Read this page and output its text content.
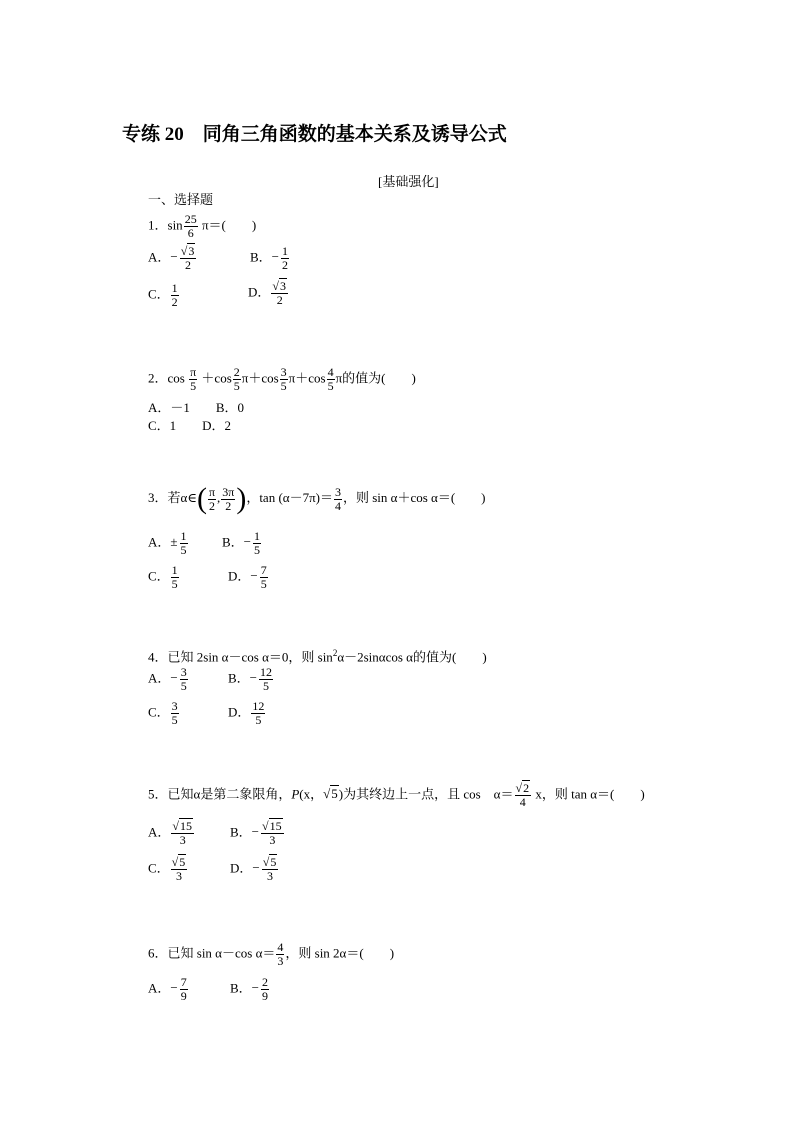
专练 20　同角三角函数的基本关系及诱导公式
[基础强化]
一、选择题
1．$\sin \frac{25}{6} \pi=$(　　)
A．− $\frac{√3}{2}$	B．− $\frac{1}{2}$
C． $\frac{1}{2}$	D． $\frac{√3}{2}$
2．$\cos \frac{\pi}{5} +\cos \frac{2}{5} \pi+\cos \frac{3}{5} \pi+\cos \frac{4}{5}$ π的值为(　　)
A．－1　　B．0
C．1　　D．2
3．若α∈( $\frac{\pi}{2}$ , $\frac{3\pi}{2}$ )，$\tan (\alpha-7\pi)= \frac{3}{4}$ ，则 sin α＋cos α＝(　　)
A．± $\frac{1}{5}$	B．− $\frac{1}{5}$
C． $\frac{1}{5}$	D．− $\frac{7}{5}$
4．已知 2sin α－cos α＝0，则 $\sin^2\alpha-2\sin\alpha\cos$ α的值为(　　)
A．− $\frac{3}{5}$	B．− $\frac{12}{5}$
C． $\frac{3}{5}$	D． $\frac{12}{5}$
5．已知α是第二象限角，P(x，√5)为其终边上一点，且 cos　$\alpha= \frac{√2}{4}$ x，则 tan α＝(　　)
A． $\frac{√15}{3}$	B．− $\frac{√15}{3}$
C． $\frac{√5}{3}$	D．− $\frac{√5}{3}$
6．已知 sin α－cos $\alpha= \frac{4}{3}$ ，则 sin 2α＝(　　)
A．− $\frac{7}{9}$	B．− $\frac{2}{9}$
